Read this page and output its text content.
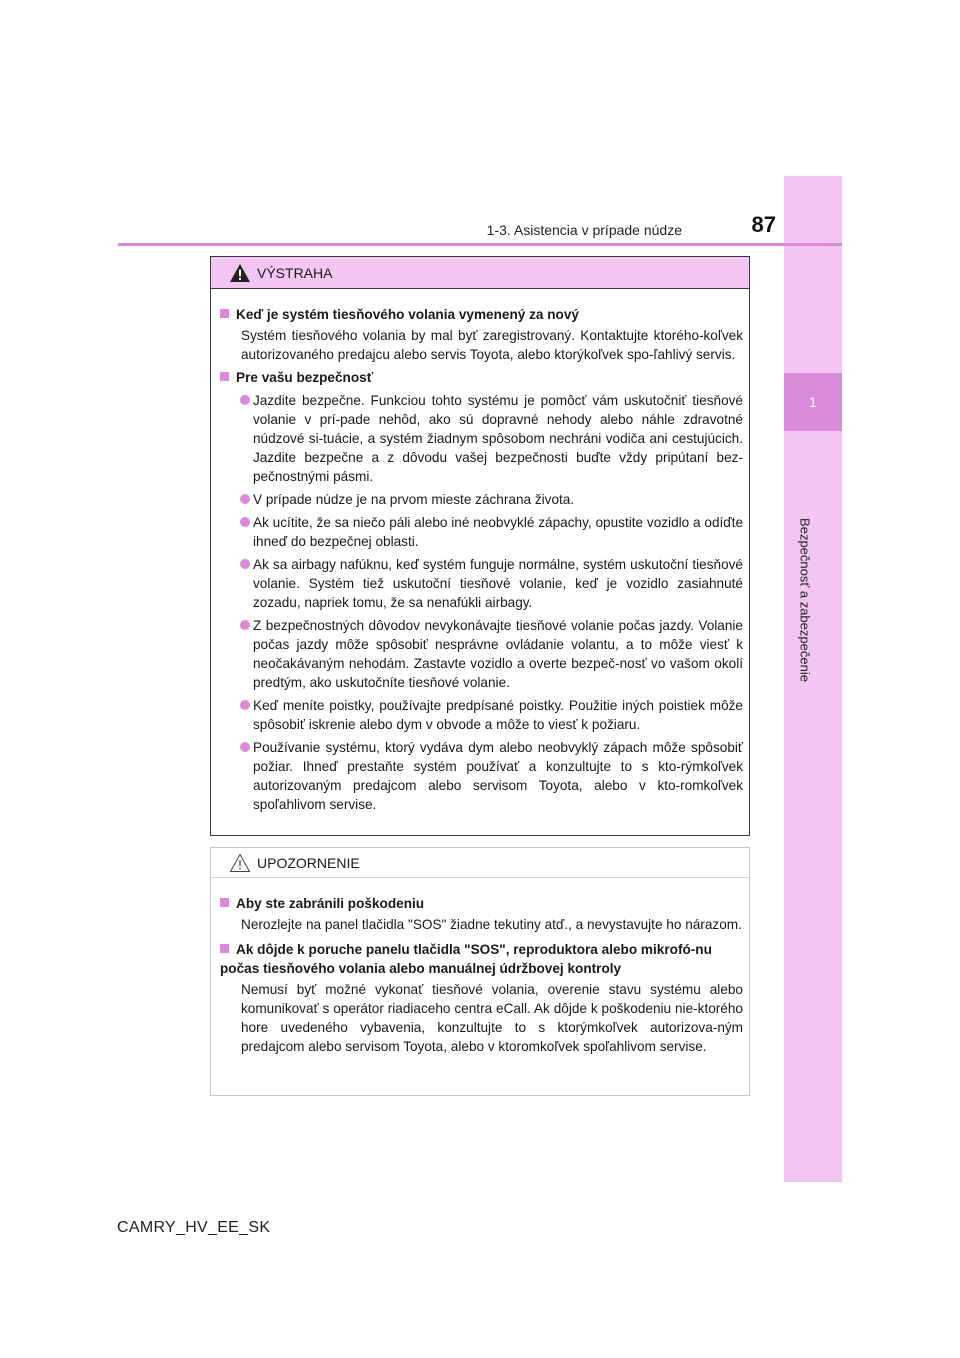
1
Bezpečnosť a zabezpečenie
1-3. Asistencia v prípade núdze	87
VÝSTRAHA
Keď je systém tiesňového volania vymenený za nový
Systém tiesňového volania by mal byť zaregistrovaný. Kontaktujte ktorého-koľvek autorizovaného predajcu alebo servis Toyota, alebo ktorýkoľvek spo-ľahlivý servis.
Pre vašu bezpečnosť
Jazdite bezpečne. Funkciou tohto systému je pomôcť vám uskutočniť tiesňové volanie v prí-pade nehôd, ako sú dopravné nehody alebo náhle zdravotné núdzové si-tuácie, a systém žiadnym spôsobom nechráni vodiča ani cestujúcich. Jazdite bezpečne a z dôvodu vašej bezpečnosti buďte vždy pripútaní bez-pečnostnými pásmi.
V prípade núdze je na prvom mieste záchrana života.
Ak ucítite, že sa niečo páli alebo iné neobvyklé zápachy, opustite vozidlo a odíďte ihneď do bezpečnej oblasti.
Ak sa airbagy nafúknu, keď systém funguje normálne, systém uskutoční tiesňové volanie. Systém tiež uskutoční tiesňové volanie, keď je vozidlo zasiahnuté zozadu, napriek tomu, že sa nenafúkli airbagy.
Z bezpečnostných dôvodov nevykonávajte tiesňové volanie počas jazdy. Volanie počas jazdy môže spôsobiť nesprávne ovládanie volantu, a to môže viesť k neočakávaným nehodám. Zastavte vozidlo a overte bezpeč-nosť vo vašom okolí predtým, ako uskutočníte tiesňové volanie.
Keď meníte poistky, používajte predpísané poistky. Použitie iných poistiek môže spôsobiť iskrenie alebo dym v obvode a môže to viesť k požiaru.
Používanie systému, ktorý vydáva dym alebo neobvyklý zápach môže spôsobiť požiar. Ihneď prestaňte systém používať a konzultujte to s kto-rýmkoľvek autorizovaným predajcom alebo servisom Toyota, alebo v kto-romkoľvek spoľahlivom servise.
UPOZORNENIE
Aby ste zabránili poškodeniu
Nerozlejte na panel tlačidla "SOS" žiadne tekutiny atď., a nevystavujte ho nárazom.
Ak dôjde k poruche panelu tlačidla "SOS", reproduktora alebo mikrofó-nu počas tiesňového volania alebo manuálnej údržbovej kontroly
Nemusí byť možné vykonať tiesňové volania, overenie stavu systému alebo komunikovať s operátor riadiaceho centra eCall. Ak dôjde k poškodeniu nie-ktorého hore uvedeného vybavenia, konzultujte to s ktorýmkoľvek autorizova-ným predajcom alebo servisom Toyota, alebo v ktoromkoľvek spoľahlivom servise.
CAMRY_HV_EE_SK
